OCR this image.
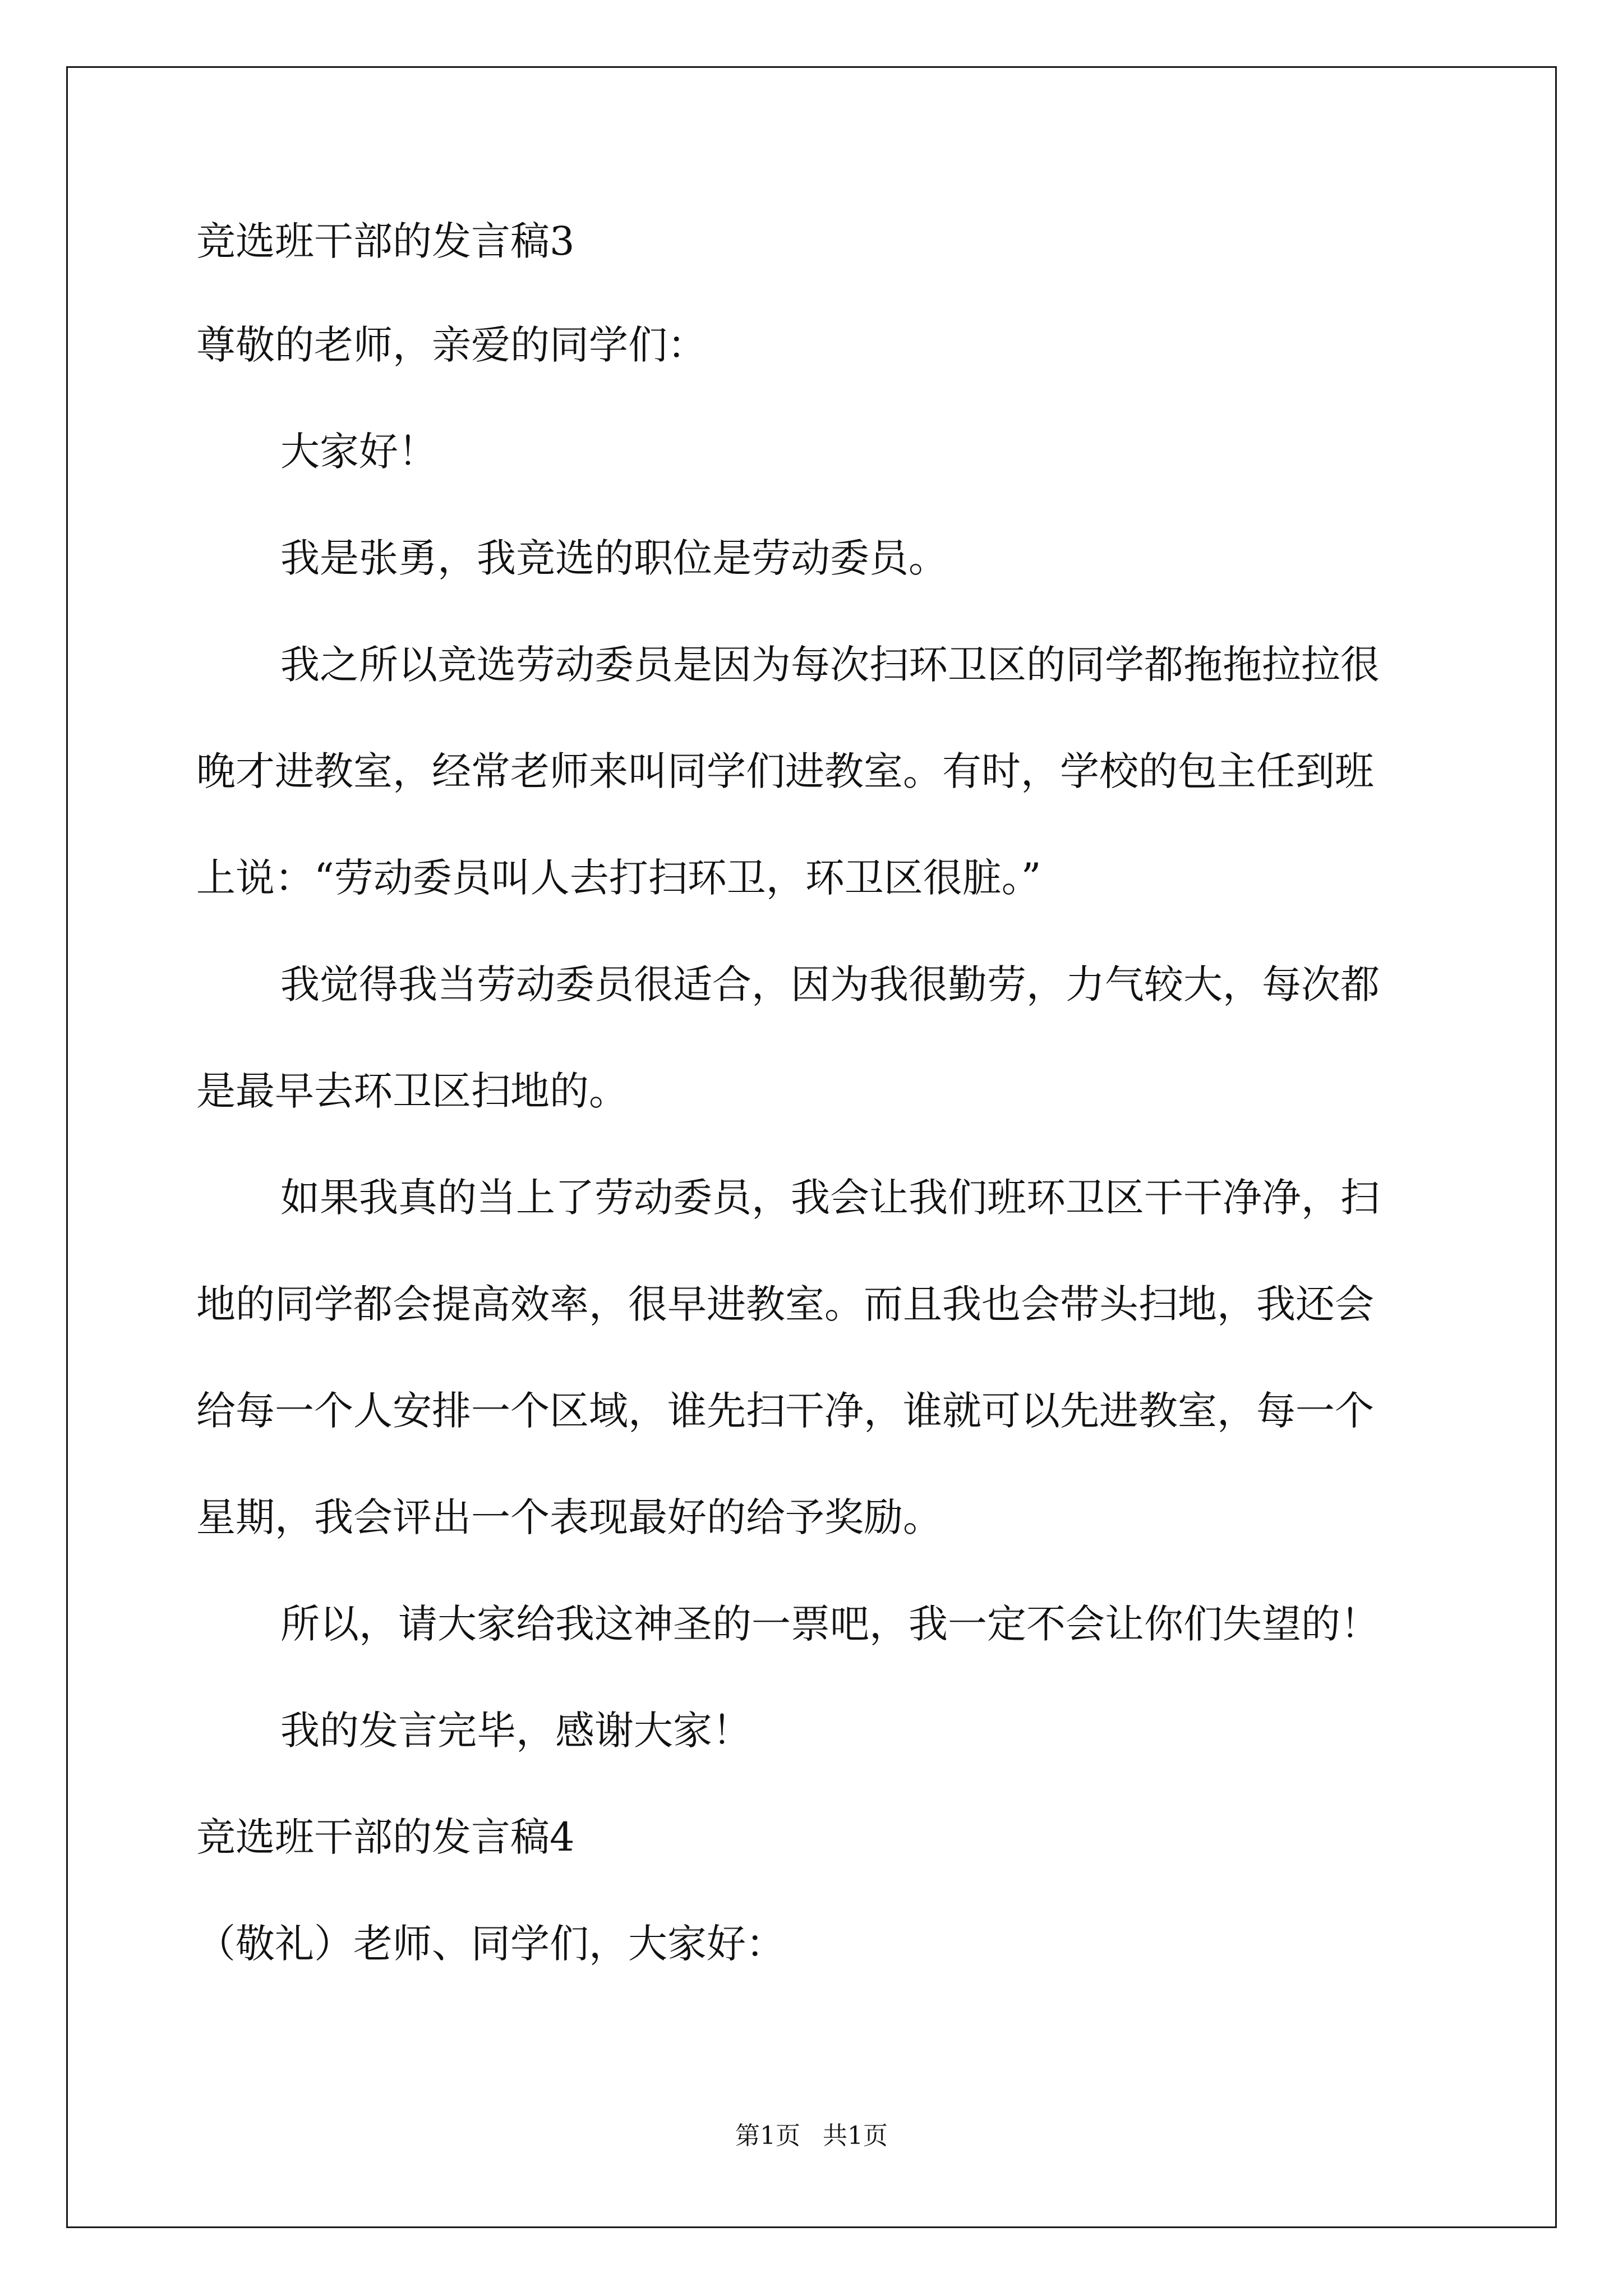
竞选班干部的发言稿3
尊敬的老师，亲爱的同学们：
大家好！
我是张勇，我竞选的职位是劳动委员。
我之所以竞选劳动委员是因为每次扫环卫区的同学都拖拖拉拉很
晚才进教室，经常老师来叫同学们进教室。有时，学校的包主任到班
上说：“劳动委员叫人去打扫环卫，环卫区很脏。”
我觉得我当劳动委员很适合，因为我很勤劳，力气较大，每次都
是最早去环卫区扫地的。
如果我真的当上了劳动委员，我会让我们班环卫区干干净净，扫
地的同学都会提高效率，很早进教室。而且我也会带头扫地，我还会
给每一个人安排一个区域，谁先扫干净，谁就可以先进教室，每一个
星期，我会评出一个表现最好的给予奖励。
所以，请大家给我这神圣的一票吧，我一定不会让你们失望的！
我的发言完毕，感谢大家！
竞选班干部的发言稿4
（敬礼）老师、同学们，大家好：
第1页 共1页
